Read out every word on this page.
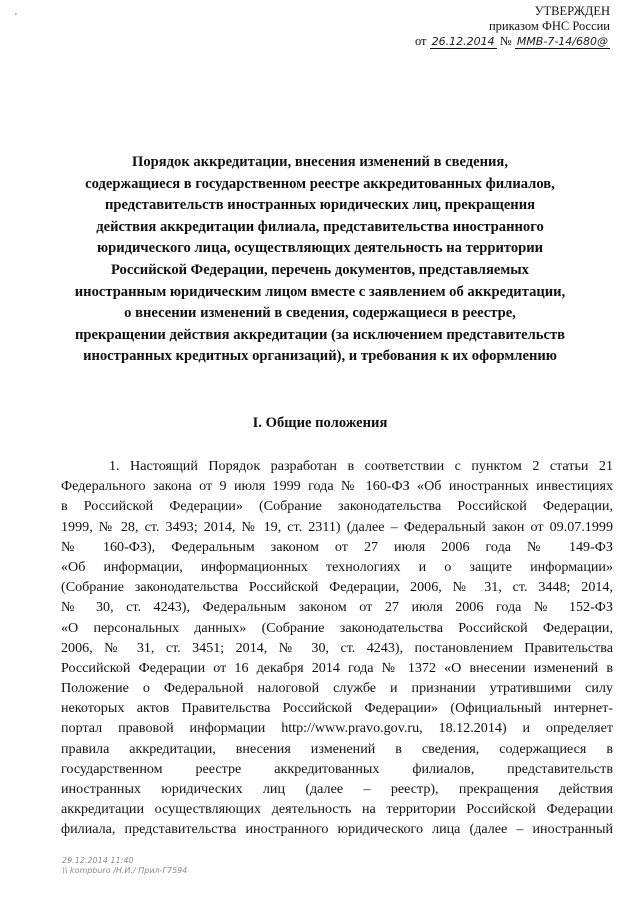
'	УТВЕРЖДЕН
приказом ФНС России
от 26.12.2014 № ММВ-7-14/680@
Порядок аккредитации, внесения изменений в сведения,
содержащиеся в государственном реестре аккредитованных филиалов,
представительств иностранных юридических лиц, прекращения
действия аккредитации филиала, представительства иностранного
юридического лица, осуществляющих деятельность на территории
Российской Федерации, перечень документов, представляемых
иностранным юридическим лицом вместе с заявлением об аккредитации,
о внесении изменений в сведения, содержащиеся в реестре,
прекращении действия аккредитации (за исключением представительств
иностранных кредитных организаций), и требования к их оформлению
I. Общие положения
1. Настоящий Порядок разработан в соответствии с пунктом 2 статьи 21
Федерального закона от 9 июля 1999 года № 160-ФЗ «Об иностранных инвестициях
в Российской Федерации» (Собрание законодательства Российской Федерации,
1999, № 28, ст. 3493; 2014, № 19, ст. 2311) (далее – Федеральный закон от 09.07.1999
№ 160-ФЗ), Федеральным законом от 27 июля 2006 года № 149-ФЗ
«Об информации, информационных технологиях и о защите информации»
(Собрание законодательства Российской Федерации, 2006, № 31, ст. 3448; 2014,
№ 30, ст. 4243), Федеральным законом от 27 июля 2006 года № 152-ФЗ
«О персональных данных» (Собрание законодательства Российской Федерации,
2006, № 31, ст. 3451; 2014, № 30, ст. 4243), постановлением Правительства
Российской Федерации от 16 декабря 2014 года № 1372 «О внесении изменений в
Положение о Федеральной налоговой службе и признании утратившими силу
некоторых актов Правительства Российской Федерации» (Официальный интернет-
портал правовой информации http://www.pravo.gov.ru, 18.12.2014) и определяет
правила аккредитации, внесения изменений в сведения, содержащиеся в
государственном реестре аккредитованных филиалов, представительств
иностранных юридических лиц (далее – реестр), прекращения действия
аккредитации осуществляющих деятельность на территории Российской Федерации
филиала, представительства иностранного юридического лица (далее – иностранный
29.12.2014 11:40
\\ kompburo /Н.И./ Прил-Г7594
